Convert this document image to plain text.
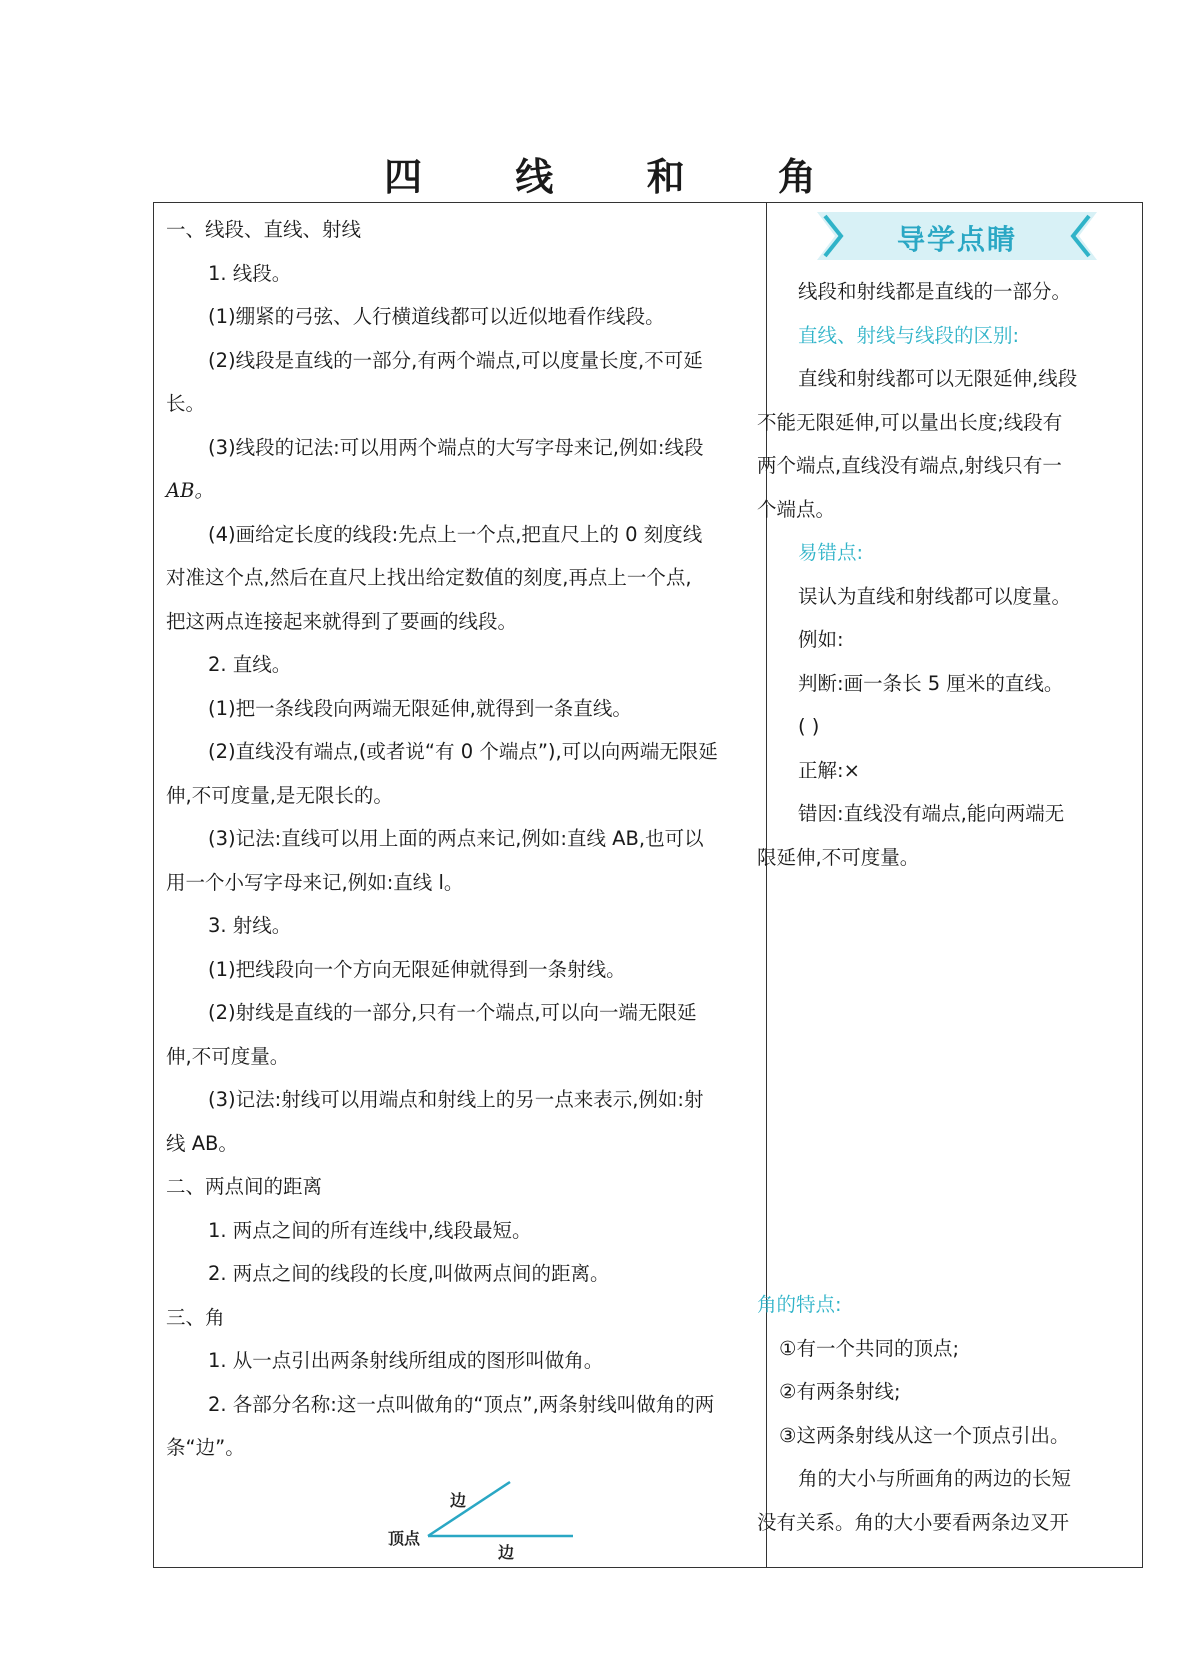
四 线 和 角
一、线段、直线、射线
1. 线段。
(1)绷紧的弓弦、人行横道线都可以近似地看作线段。
(2)线段是直线的一部分,有两个端点,可以度量长度,不可延
长。
(3)线段的记法:可以用两个端点的大写字母来记,例如:线段
AB。
(4)画给定长度的线段:先点上一个点,把直尺上的 0 刻度线
对准这个点,然后在直尺上找出给定数值的刻度,再点上一个点,
把这两点连接起来就得到了要画的线段。
2. 直线。
(1)把一条线段向两端无限延伸,就得到一条直线。
(2)直线没有端点,(或者说“有 0 个端点”),可以向两端无限延
伸,不可度量,是无限长的。
(3)记法:直线可以用上面的两点来记,例如:直线 AB,也可以
用一个小写字母来记,例如:直线 l。
3. 射线。
(1)把线段向一个方向无限延伸就得到一条射线。
(2)射线是直线的一部分,只有一个端点,可以向一端无限延
伸,不可度量。
(3)记法:射线可以用端点和射线上的另一点来表示,例如:射
线 AB。
二、两点间的距离
1. 两点之间的所有连线中,线段最短。
2. 两点之间的线段的长度,叫做两点间的距离。
三、角
1. 从一点引出两条射线所组成的图形叫做角。
2. 各部分名称:这一点叫做角的“顶点”,两条射线叫做角的两
条“边”。
顶点
边
边
导学点睛
线段和射线都是直线的一部分。
直线、射线与线段的区别:
直线和射线都可以无限延伸,线段
不能无限延伸,可以量出长度;线段有
两个端点,直线没有端点,射线只有一
个端点。
易错点:
误认为直线和射线都可以度量。
例如:
判断:画一条长 5 厘米的直线。
( )
正解:×
错因:直线没有端点,能向两端无
限延伸,不可度量。
角的特点:
①有一个共同的顶点;
②有两条射线;
③这两条射线从这一个顶点引出。
角的大小与所画角的两边的长短
没有关系。角的大小要看两条边叉开
